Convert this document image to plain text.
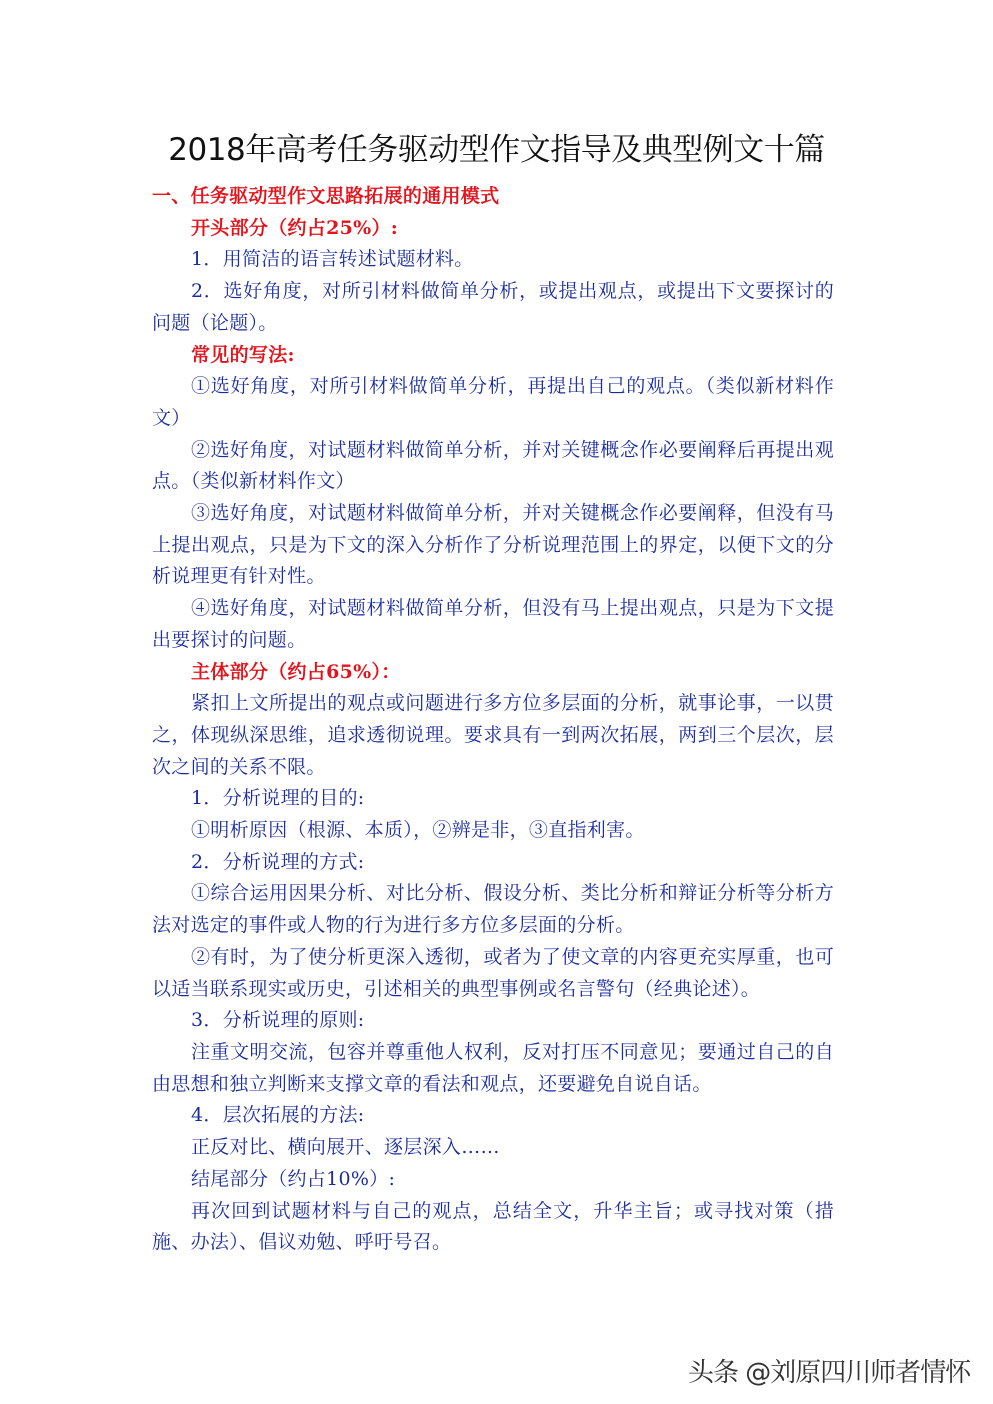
2018年高考任务驱动型作文指导及典型例文十篇

一、任务驱动型作文思路拓展的通用模式

开头部分（约占25%）:

1．用简洁的语言转述试题材料。

2．选好角度，对所引材料做简单分析，或提出观点，或提出下文要探讨的问题（论题）。

常见的写法:

①选好角度，对所引材料做简单分析，再提出自己的观点。（类似新材料作文）

②选好角度，对试题材料做简单分析，并对关键概念作必要阐释后再提出观点。（类似新材料作文）

③选好角度，对试题材料做简单分析，并对关键概念作必要阐释，但没有马上提出观点，只是为下文的深入分析作了分析说理范围上的界定，以便下文的分析说理更有针对性。

④选好角度，对试题材料做简单分析，但没有马上提出观点，只是为下文提出要探讨的问题。

主体部分（约占65%）：

紧扣上文所提出的观点或问题进行多方位多层面的分析，就事论事，一以贯之，体现纵深思维，追求透彻说理。要求具有一到两次拓展，两到三个层次，层次之间的关系不限。

1．分析说理的目的:

①明析原因（根源、本质），②辨是非，③直指利害。

2．分析说理的方式:

①综合运用因果分析、对比分析、假设分析、类比分析和辩证分析等分析方法对选定的事件或人物的行为进行多方位多层面的分析。

②有时，为了使分析更深入透彻，或者为了使文章的内容更充实厚重，也可以适当联系现实或历史，引述相关的典型事例或名言警句（经典论述）。

3．分析说理的原则:

注重文明交流，包容并尊重他人权利，反对打压不同意见；要通过自己的自由思想和独立判断来支撑文章的看法和观点，还要避免自说自话。

4．层次拓展的方法:

正反对比、横向展开、逐层深入……

结尾部分（约占10%）:

再次回到试题材料与自己的观点，总结全文，升华主旨；或寻找对策（措施、办法）、倡议劝勉、呼吁号召。

头条 @刘原四川师者情怀
